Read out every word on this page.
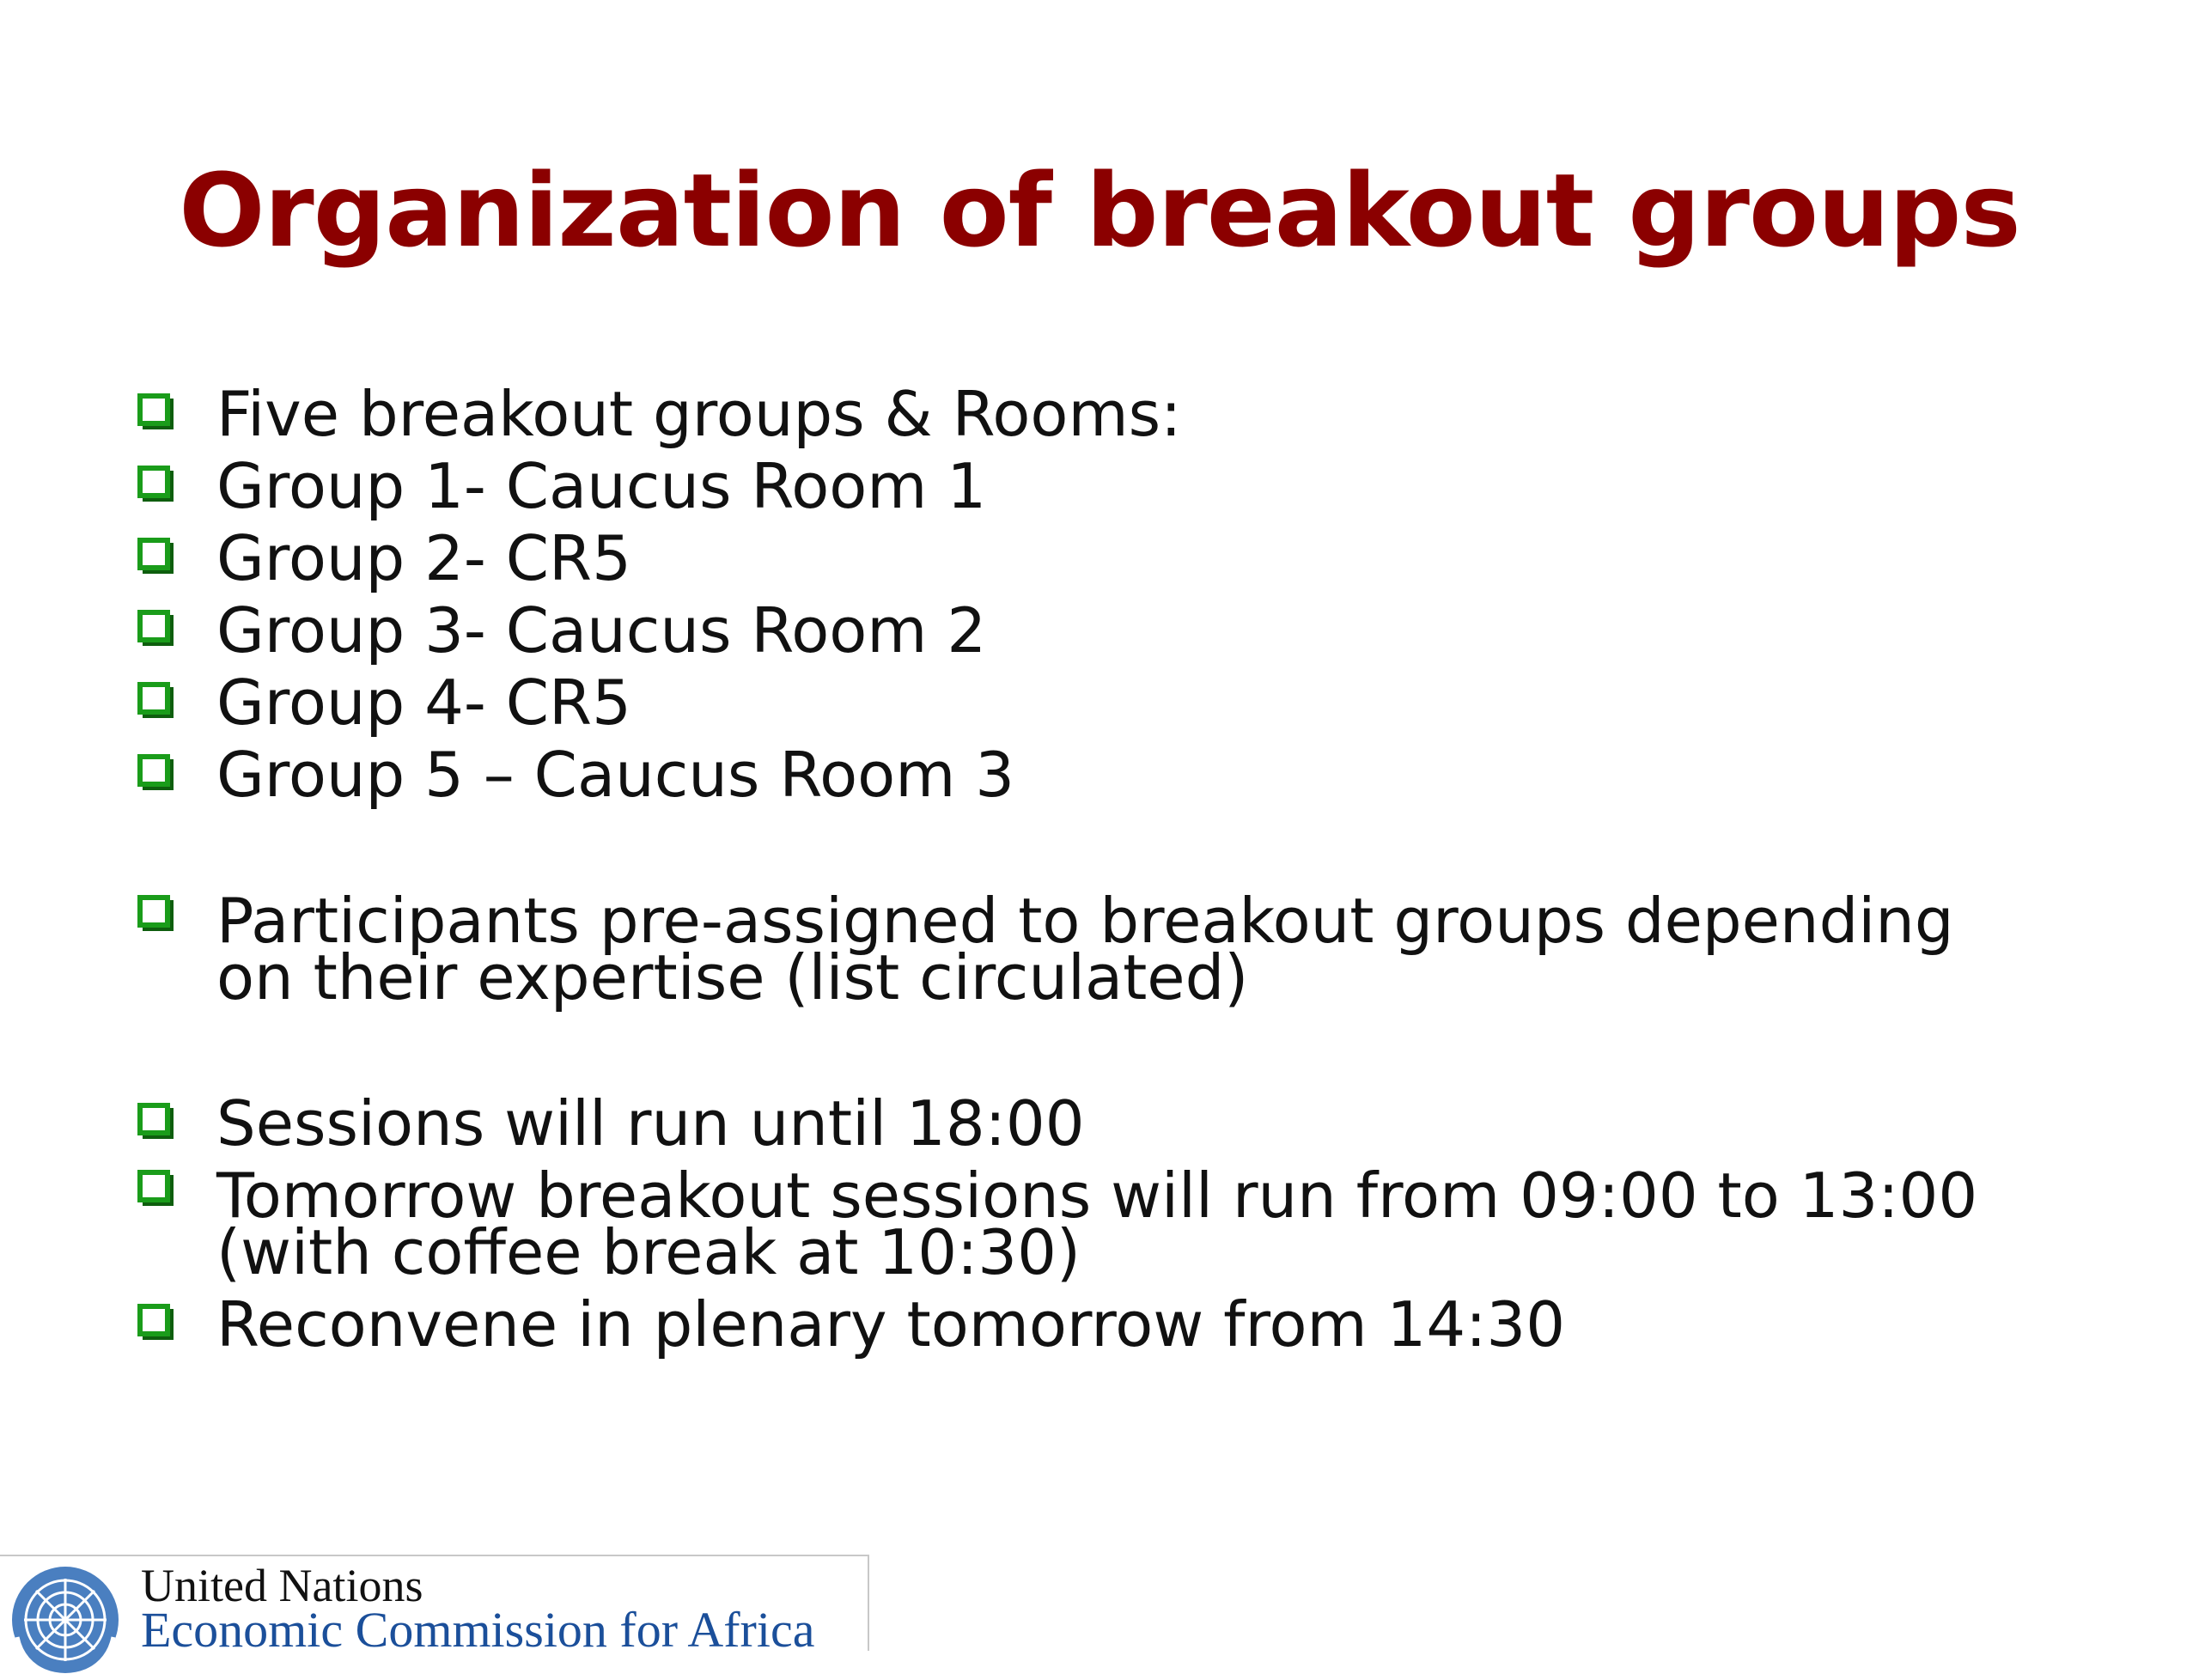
Organization of breakout groups
Five breakout groups & Rooms:
Group 1- Caucus Room 1
Group 2- CR5
Group 3- Caucus Room 2
Group 4- CR5
Group 5 – Caucus Room 3
Participants pre-assigned to breakout groups depending
on their expertise (list circulated)
Sessions will run until 18:00
Tomorrow breakout sessions will run from 09:00 to 13:00
(with coffee break at 10:30)
Reconvene in plenary tomorrow from 14:30
United Nations
Economic Commission for Africa
